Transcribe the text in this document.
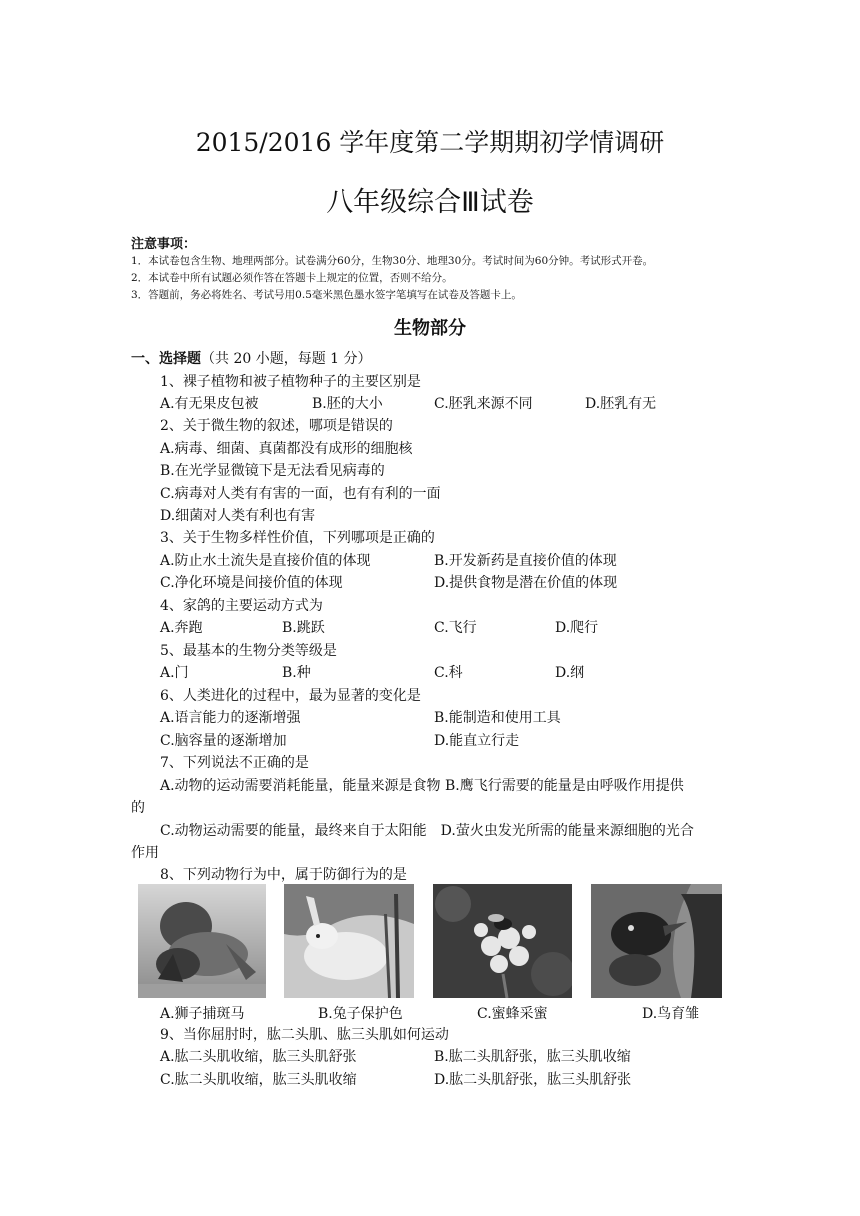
2015/2016 学年度第二学期期初学情调研
八年级综合Ⅲ试卷
注意事项：
1．本试卷包含生物、地理两部分。试卷满分60分，生物30分、地理30分。考试时间为60分钟。考试形式开卷。
2．本试卷中所有试题必须作答在答题卡上规定的位置，否则不给分。
3．答题前，务必将姓名、考试号用0.5毫米黑色墨水签字笔填写在试卷及答题卡上。
生物部分
一、选择题（共 20 小题，每题 1 分）
1、裸子植物和被子植物种子的主要区别是
A.有无果皮包被	B.胚的大小	C.胚乳来源不同	D.胚乳有无
2、关于微生物的叙述，哪项是错误的
A.病毒、细菌、真菌都没有成形的细胞核
B.在光学显微镜下是无法看见病毒的
C.病毒对人类有有害的一面，也有有利的一面
D.细菌对人类有利也有害
3、关于生物多样性价值，下列哪项是正确的
A.防止水土流失是直接价值的体现	B.开发新药是直接价值的体现
C.净化环境是间接价值的体现	D.提供食物是潜在价值的体现
4、家鸽的主要运动方式为
A.奔跑	B.跳跃	C.飞行	D.爬行
5、最基本的生物分类等级是
A.门	B.种	C.科	D.纲
6、人类进化的过程中，最为显著的变化是
A.语言能力的逐渐增强	B.能制造和使用工具
C.脑容量的逐渐增加	D.能直立行走
7、下列说法不正确的是
A.动物的运动需要消耗能量，能量来源是食物 B.鹰飞行需要的能量是由呼吸作用提供
的
C.动物运动需要的能量，最终来自于太阳能　D.萤火虫发光所需的能量来源细胞的光合
作用
8、下列动物行为中，属于防御行为的是
A.狮子捕斑马	B.兔子保护色	C.蜜蜂采蜜	D.鸟育雏
9、当你屈肘时，肱二头肌、肱三头肌如何运动
A.肱二头肌收缩，肱三头肌舒张	B.肱二头肌舒张，肱三头肌收缩
C.肱二头肌收缩，肱三头肌收缩	D.肱二头肌舒张，肱三头肌舒张
